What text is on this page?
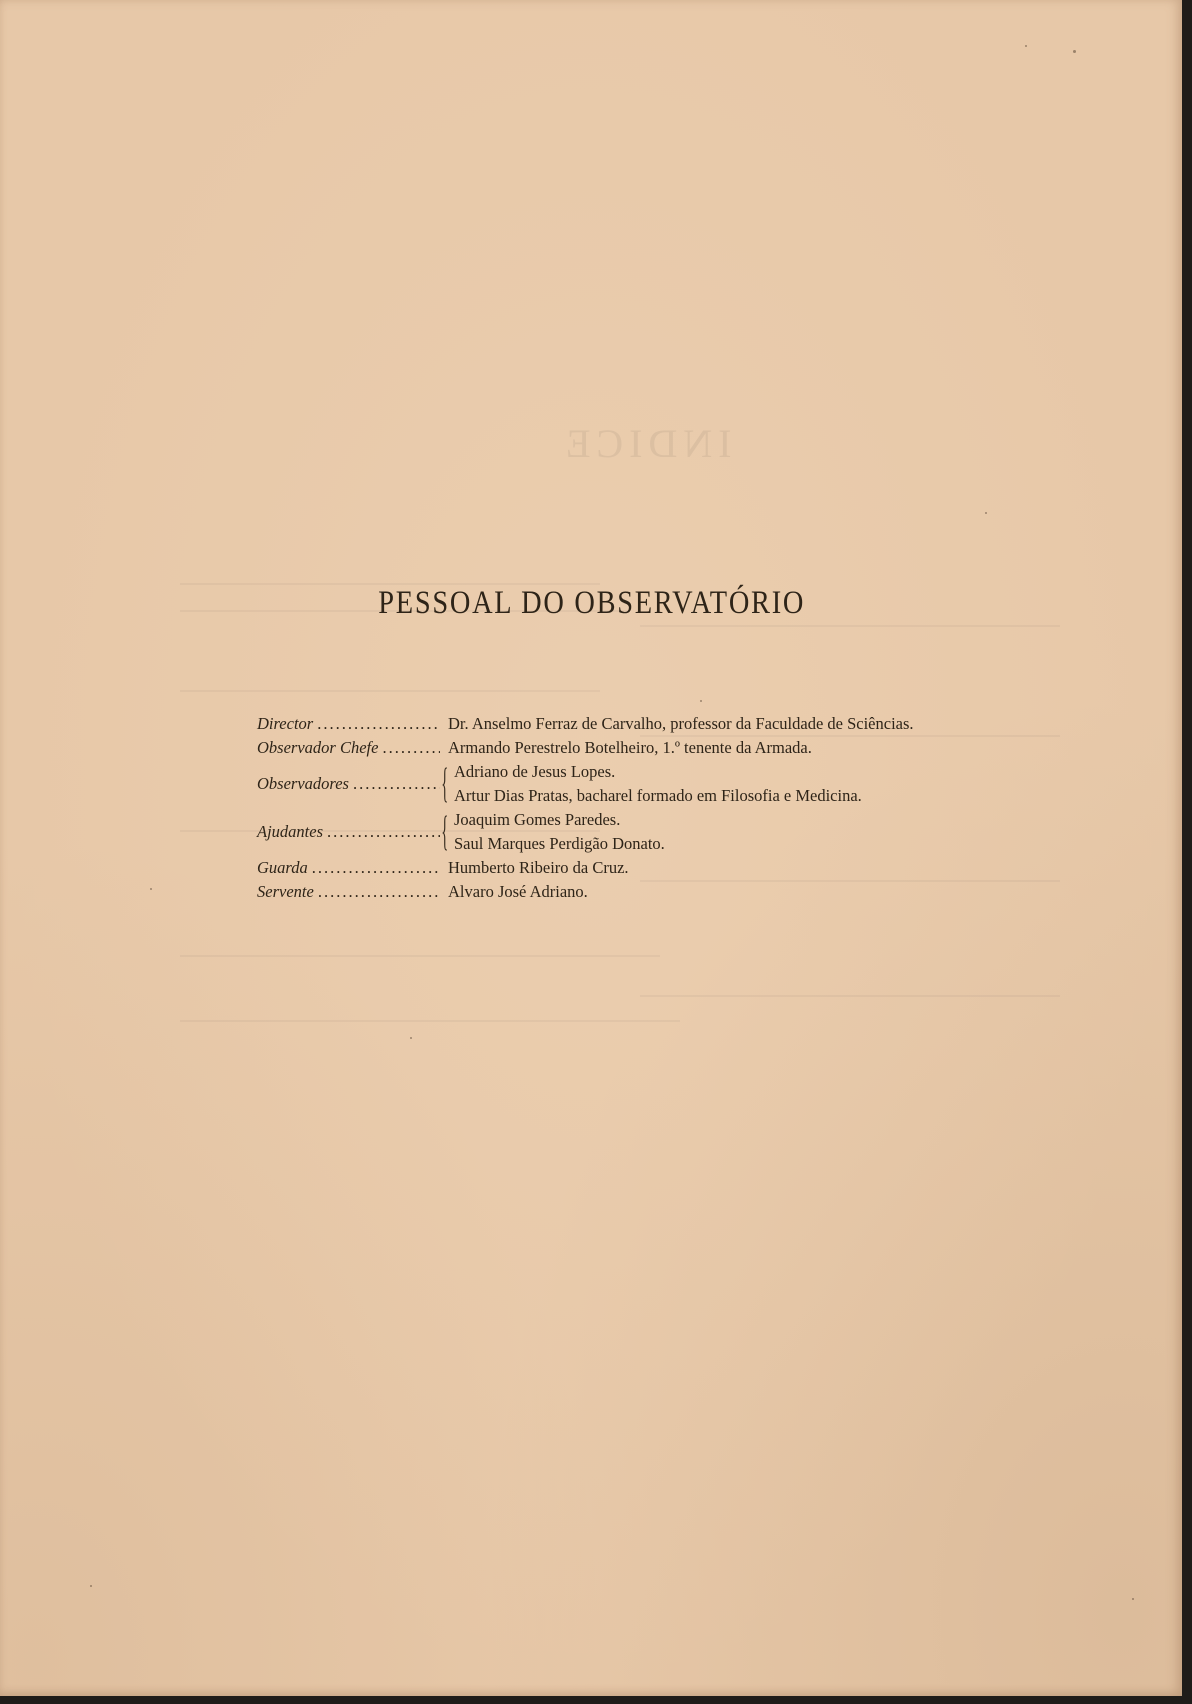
INDICE
PESSOAL DO OBSERVATÓRIO
Director .....	Dr. Anselmo Ferraz de Carvalho, professor da Faculdade de Sciências.
Observador Chefe .....	Armando Perestrelo Botelheiro, 1.º tenente da Armada.
Observadores ..... { Adriano de Jesus Lopes.
Artur Dias Pratas, bacharel formado em Filosofia e Medicina.
Ajudantes .....	{ Joaquim Gomes Paredes.
Saul Marques Perdigão Donato.
Guarda .....	Humberto Ribeiro da Cruz.
Servente .....	Alvaro José Adriano.
